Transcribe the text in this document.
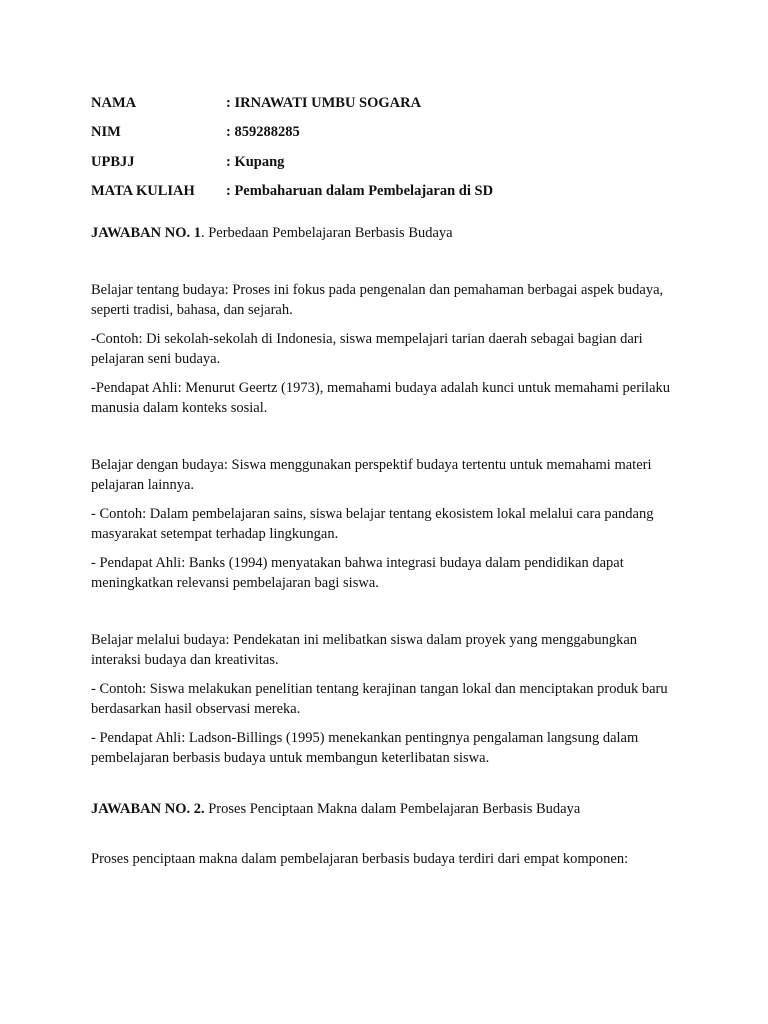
NAMA	: IRNAWATI UMBU SOGARA
NIM	: 859288285
UPBJJ	: Kupang
MATA KULIAH	: Pembaharuan dalam Pembelajaran di SD
JAWABAN NO. 1. Perbedaan Pembelajaran Berbasis Budaya

Belajar tentang budaya: Proses ini fokus pada pengenalan dan pemahaman berbagai aspek budaya, seperti tradisi, bahasa, dan sejarah.

-Contoh: Di sekolah-sekolah di Indonesia, siswa mempelajari tarian daerah sebagai bagian dari pelajaran seni budaya.

-Pendapat Ahli: Menurut Geertz (1973), memahami budaya adalah kunci untuk memahami perilaku manusia dalam konteks sosial.

Belajar dengan budaya: Siswa menggunakan perspektif budaya tertentu untuk memahami materi pelajaran lainnya.

- Contoh: Dalam pembelajaran sains, siswa belajar tentang ekosistem lokal melalui cara pandang masyarakat setempat terhadap lingkungan.

- Pendapat Ahli: Banks (1994) menyatakan bahwa integrasi budaya dalam pendidikan dapat meningkatkan relevansi pembelajaran bagi siswa.

Belajar melalui budaya: Pendekatan ini melibatkan siswa dalam proyek yang menggabungkan interaksi budaya dan kreativitas.

- Contoh: Siswa melakukan penelitian tentang kerajinan tangan lokal dan menciptakan produk baru berdasarkan hasil observasi mereka.

- Pendapat Ahli: Ladson-Billings (1995) menekankan pentingnya pengalaman langsung dalam pembelajaran berbasis budaya untuk membangun keterlibatan siswa.

JAWABAN NO. 2. Proses Penciptaan Makna dalam Pembelajaran Berbasis Budaya

Proses penciptaan makna dalam pembelajaran berbasis budaya terdiri dari empat komponen:
